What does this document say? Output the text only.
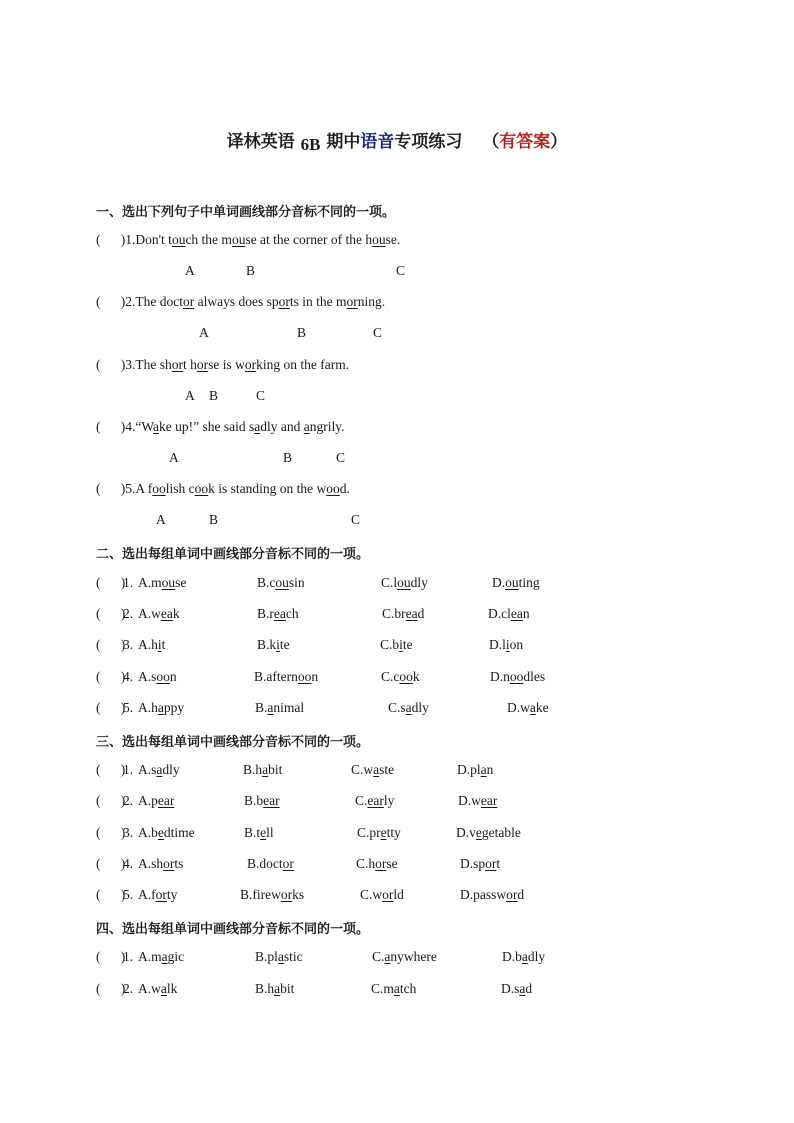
译林英语 6B 期中语音专项练习 （有答案）
一、选出下列句子中单词画线部分音标不同的一项。
(      )1.Don't touch the mouse at the corner of the house.
A	B	C
(      )2.The doctor always does sports in the morning.
A	B	C
(      )3.The short horse is working on the farm.
A B	C
(      )4.“Wake up!” she said sadly and angrily.
A	B	C
(      )5.A foolish cook is standing on the wood.
A	B	C
二、选出每组单词中画线部分音标不同的一项。
(      )
1. A.mouse	B.cousin	C.loudly	D.outing
(      )
2. A.weak	B.reach	C.bread	D.clean
(      )
3. A.hit	B.kite	C.bite	D.lion
(      )
4. A.soon	B.afternoon	C.cook	D.noodles
(      )
5. A.happy	B.animal	C.sadly	D.wake
三、选出每组单词中画线部分音标不同的一项。
(      )
1. A.sadly	B.habit	C.waste	D.plan
(      )
2. A.pear	B.bear	C.early	D.wear
(      )
3. A.bedtime	B.tell	C.pretty	D.vegetable
(      )
4. A.shorts	B.doctor	C.horse	D.sport
(      )
5. A.forty	B.fireworks	C.world	D.password
四、选出每组单词中画线部分音标不同的一项。
(      )
1. A.magic	B.plastic	C.anywhere	D.badly
(      )
2. A.walk	B.habit	C.match	D.sad
